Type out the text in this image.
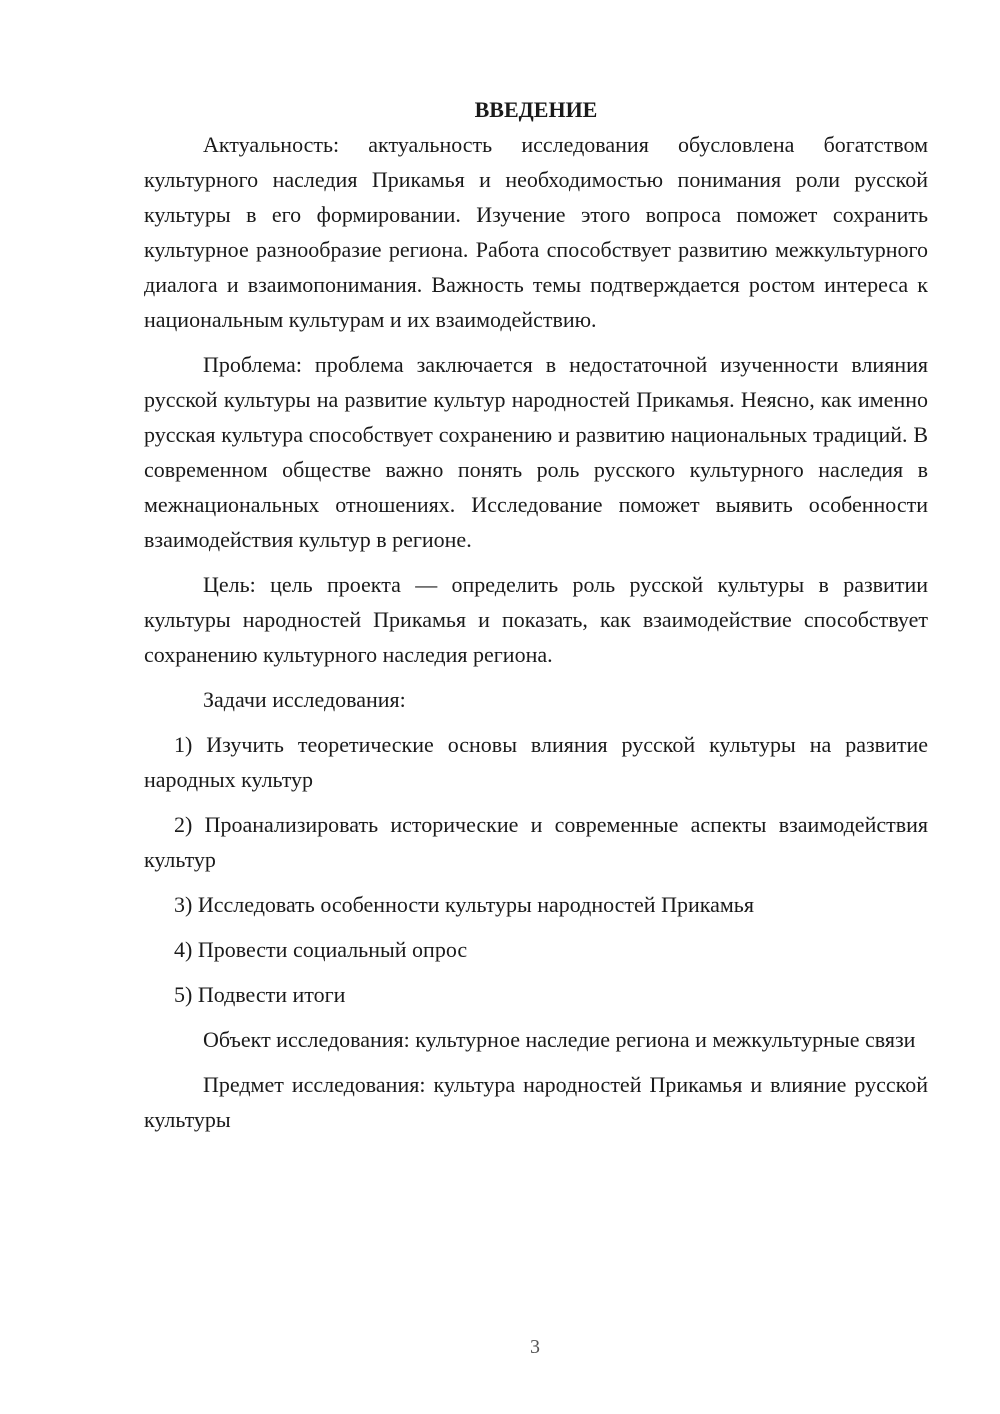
ВВЕДЕНИЕ

Актуальность: актуальность исследования обусловлена богатством культурного наследия Прикамья и необходимостью понимания роли русской культуры в его формировании. Изучение этого вопроса поможет сохранить культурное разнообразие региона. Работа способствует развитию межкультурного диалога и взаимопонимания. Важность темы подтверждается ростом интереса к национальным культурам и их взаимодействию.

Проблема: проблема заключается в недостаточной изученности влияния русской культуры на развитие культур народностей Прикамья. Неясно, как именно русская культура способствует сохранению и развитию национальных традиций. В современном обществе важно понять роль русского культурного наследия в межнациональных отношениях. Исследование поможет выявить особенности взаимодействия культур в регионе.

Цель: цель проекта — определить роль русской культуры в развитии культуры народностей Прикамья и показать, как взаимодействие способствует сохранению культурного наследия региона.

Задачи исследования:

1) Изучить теоретические основы влияния русской культуры на развитие народных культур

2) Проанализировать исторические и современные аспекты взаимодействия культур

3) Исследовать особенности культуры народностей Прикамья

4) Провести социальный опрос

5) Подвести итоги

Объект исследования: культурное наследие региона и межкультурные связи

Предмет исследования: культура народностей Прикамья и влияние русской культуры

3
